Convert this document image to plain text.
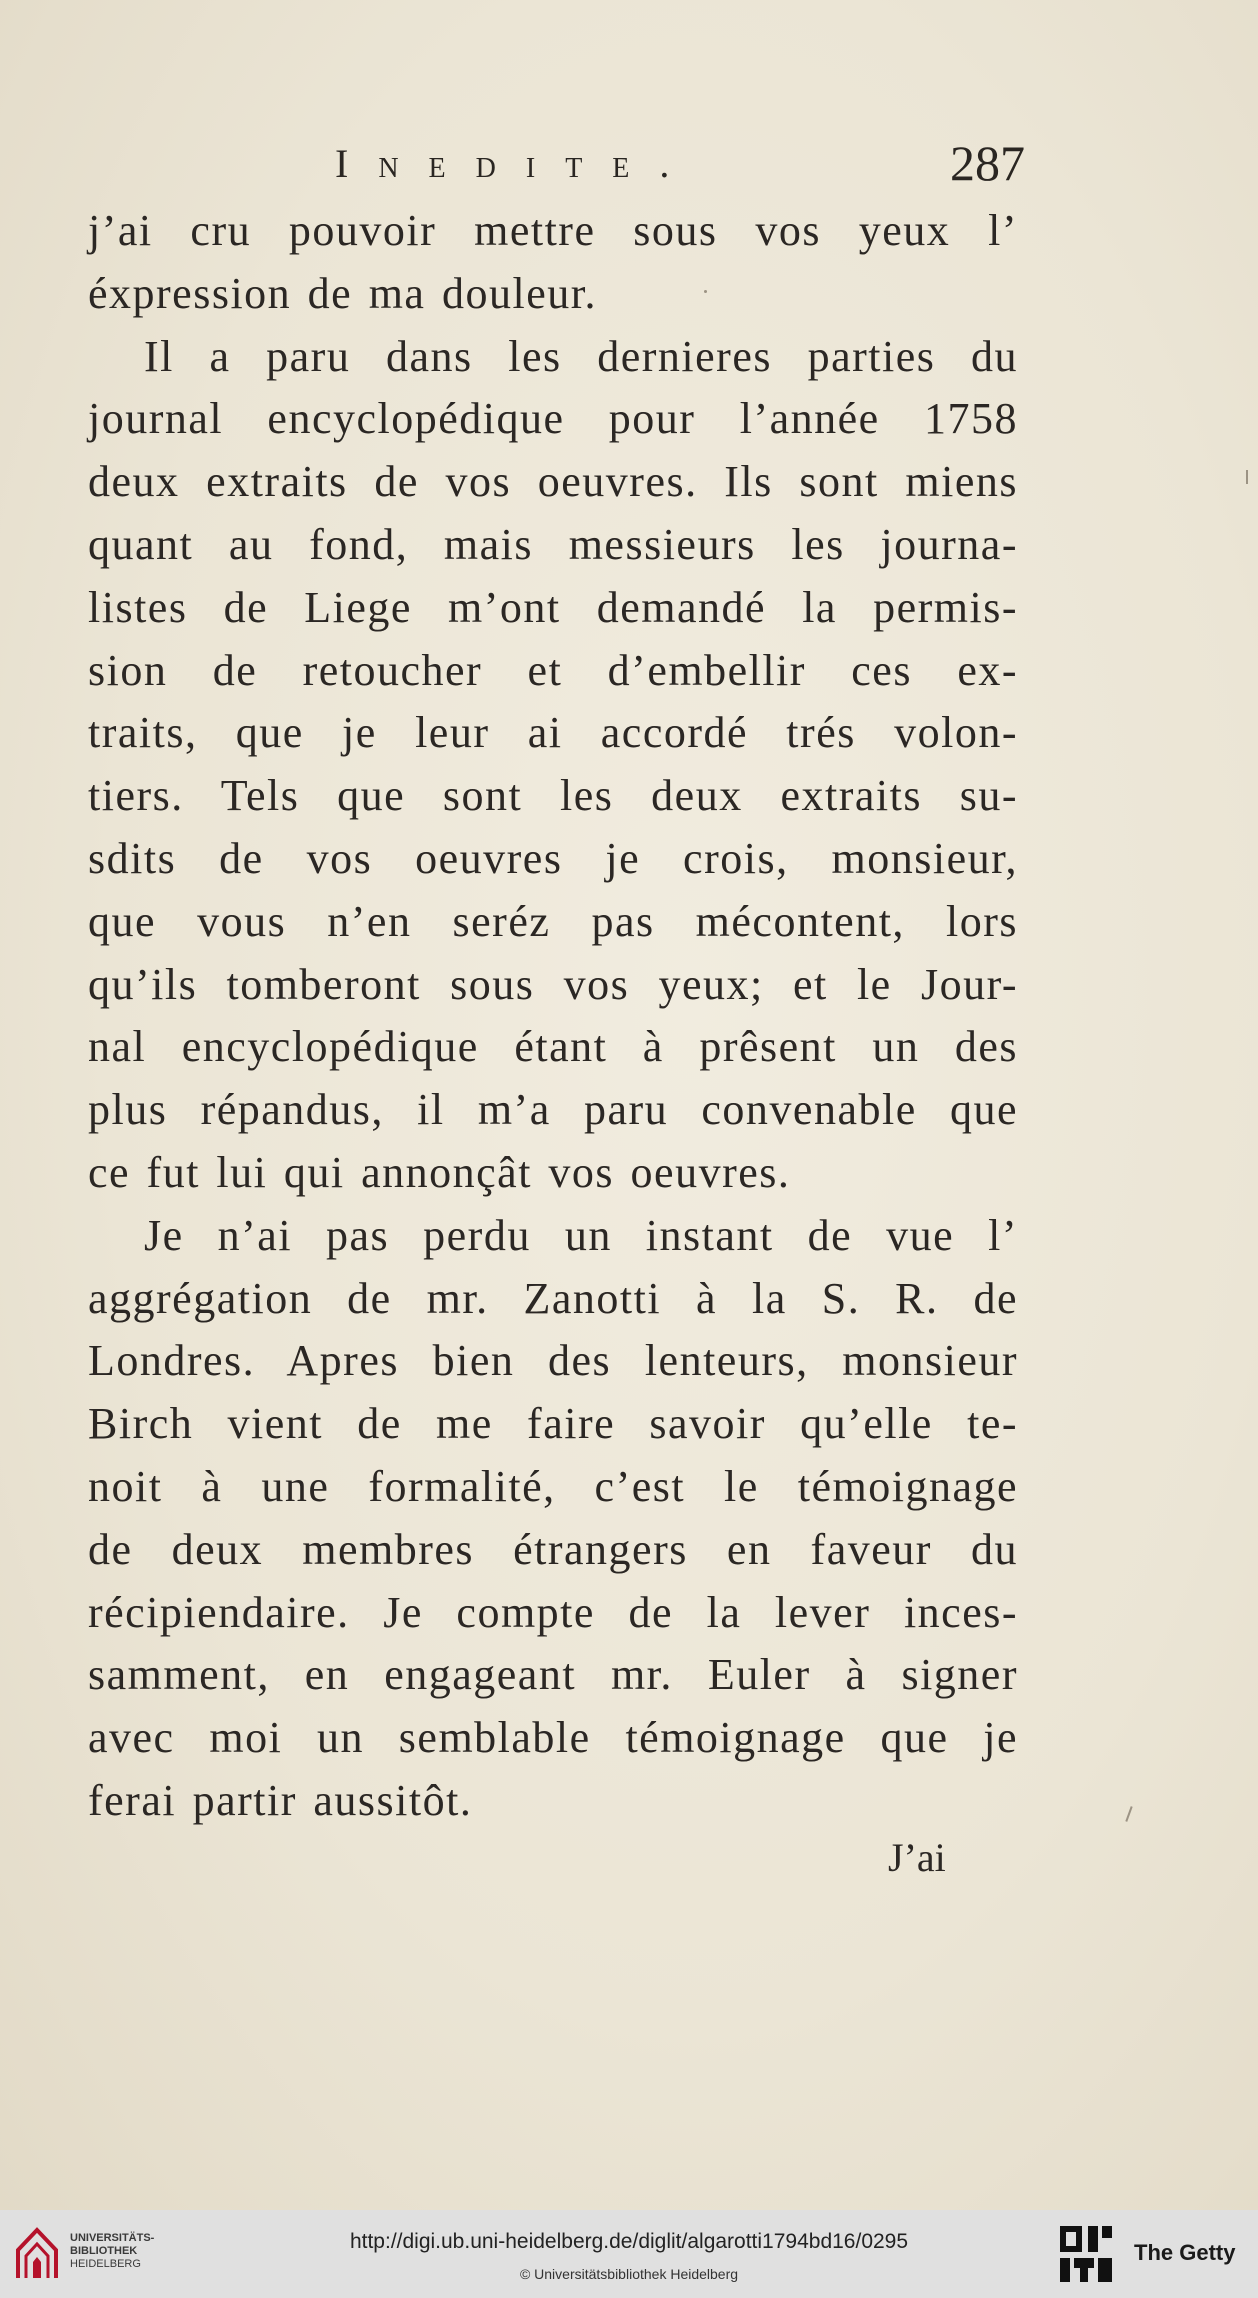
Inedite.	287
j’ai cru pouvoir mettre sous vos yeux l’
éxpression de ma douleur.
Il a paru dans les dernieres parties du
journal encyclopédique pour l’année 1758
deux extraits de vos oeuvres. Ils sont miens
quant au fond, mais messieurs les journa-
listes de Liege m’ont demandé la permis-
sion de retoucher et d’embellir ces ex-
traits, que je leur ai accordé trés volon-
tiers. Tels que sont les deux extraits su-
sdits de vos oeuvres je crois, monsieur,
que vous n’en seréz pas mécontent, lors
qu’ils tomberont sous vos yeux; et le Jour-
nal encyclopédique étant à prêsent un des
plus répandus, il m’a paru convenable que
ce fut lui qui annonçât vos oeuvres.
Je n’ai pas perdu un instant de vue l’
aggrégation de mr. Zanotti à la S. R. de
Londres. Apres bien des lenteurs, monsieur
Birch vient de me faire savoir qu’elle te-
noit à une formalité, c’est le témoignage
de deux membres étrangers en faveur du
récipiendaire. Je compte de la lever inces-
samment, en engageant mr. Euler à signer
avec moi un semblable témoignage que je
ferai partir aussitôt.
J’ai
UNIVERSITÄTS-
BIBLIOTHEK
HEIDELBERG
http://digi.ub.uni-heidelberg.de/diglit/algarotti1794bd16/0295
© Universitätsbibliothek Heidelberg
The Getty
